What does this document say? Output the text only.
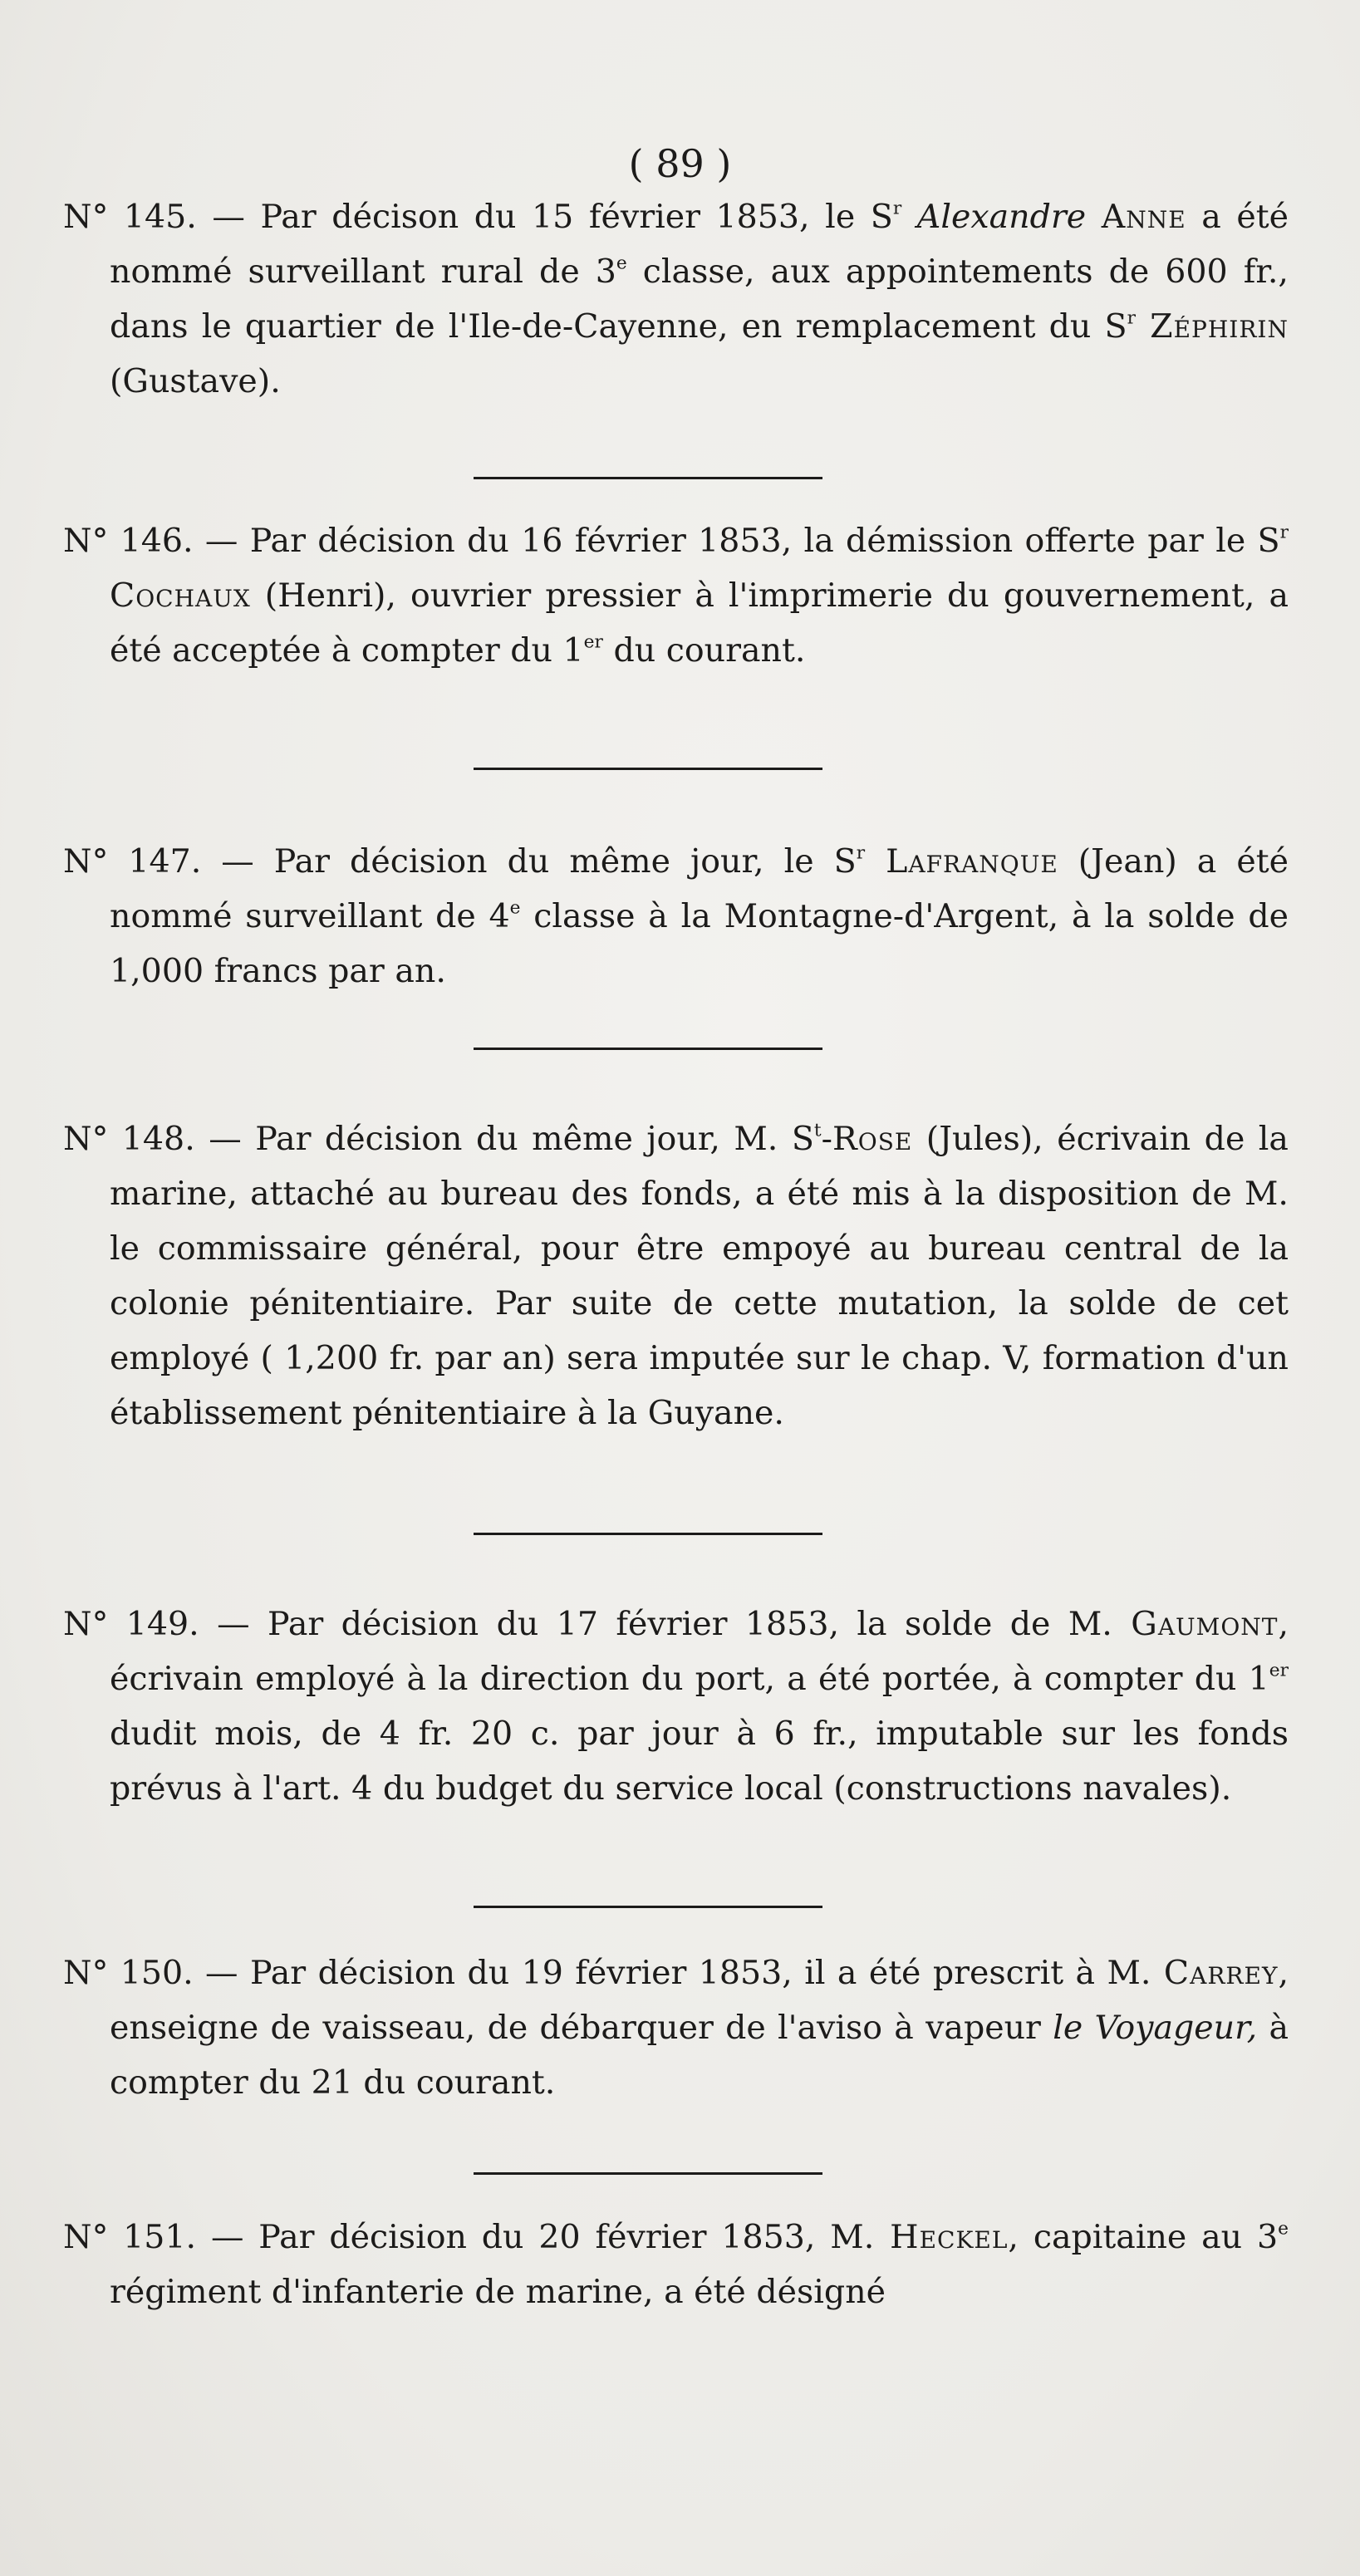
( 89 )

N° 145. — Par décison du 15 février 1853, le $S^r$ Alexandre Anne a été nommé surveillant rural de 3e classe, aux appointements de 600 fr., dans le quartier de l'Ile-de-Cayenne, en remplacement du $S^r$ Zéphirin (Gustave).

N° 146. — Par décision du 16 février 1853, la démission offerte par le $S^r$ Cochaux (Henri), ouvrier pressier à l'imprimerie du gouvernement, a été acceptée à compter du 1er du courant.

N° 147. — Par décision du même jour, le $S^r$ Lafranque (Jean) a été nommé surveillant de 4e classe à la Montagne-d'Argent, à la solde de 1,000 francs par an.

N° 148. — Par décision du même jour, M. $S^t$-Rose (Jules), écrivain de la marine, attaché au bureau des fonds, a été mis à la disposition de M. le commissaire général, pour être empoyé au bureau central de la colonie pénitentiaire. Par suite de cette mutation, la solde de cet employé ( 1,200 fr. par an) sera imputée sur le chap. V, formation d'un établissement pénitentiaire à la Guyane.

N° 149. — Par décision du 17 février 1853, la solde de M. Gaumont, écrivain employé à la direction du port, a été portée, à compter du 1er dudit mois, de 4 fr. 20 c. par jour à 6 fr., imputable sur les fonds prévus à l'art. 4 du budget du service local (constructions navales).

N° 150. — Par décision du 19 février 1853, il a été prescrit à M. Carrey, enseigne de vaisseau, de débarquer de l'aviso à vapeur le Voyageur, à compter du 21 du courant.

N° 151. — Par décision du 20 février 1853, M. Heckel, capitaine au 3e régiment d'infanterie de marine, a été désigné
